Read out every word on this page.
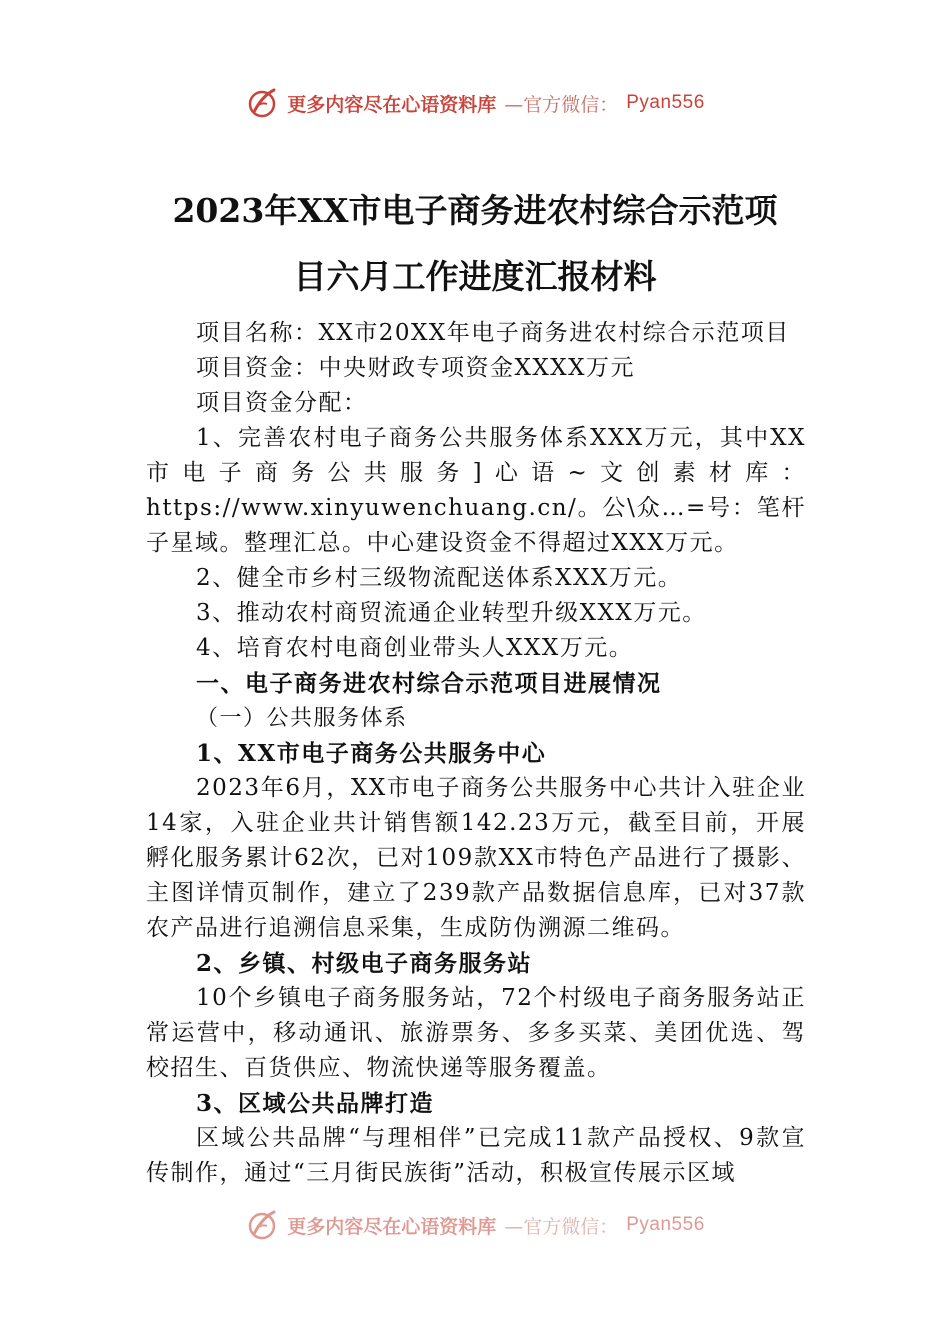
更多内容尽在心语资料库 —官方微信： Pyan556
2023年XX市电子商务进农村综合示范项
目六月工作进度汇报材料

项目名称：XX市20XX年电子商务进农村综合示范项目

项目资金：中央财政专项资金XXXX万元

项目资金分配：

1、完善农村电子商务公共服务体系XXX万元，其中XX市电子商务公共服务]心语~文创素材库：https://www.xinyuwenchuang.cn/。公\众…=号：笔杆子星域。整理汇总。中心建设资金不得超过XXX万元。

2、健全市乡村三级物流配送体系XXX万元。

3、推动农村商贸流通企业转型升级XXX万元。

4、培育农村电商创业带头人XXX万元。

一、电子商务进农村综合示范项目进展情况

（一）公共服务体系

1、XX市电子商务公共服务中心

2023年6月，XX市电子商务公共服务中心共计入驻企业14家，入驻企业共计销售额142.23万元，截至目前，开展孵化服务累计62次，已对109款XX市特色产品进行了摄影、主图详情页制作，建立了239款产品数据信息库，已对37款农产品进行追溯信息采集，生成防伪溯源二维码。

2、乡镇、村级电子商务服务站

10个乡镇电子商务服务站，72个村级电子商务服务站正常运营中，移动通讯、旅游票务、多多买菜、美团优选、驾校招生、百货供应、物流快递等服务覆盖。

3、区域公共品牌打造

区域公共品牌“与理相伴”已完成11款产品授权、9款宣传制作，通过“三月街民族街”活动，积极宣传展示区域

更多内容尽在心语资料库 —官方微信： Pyan556
